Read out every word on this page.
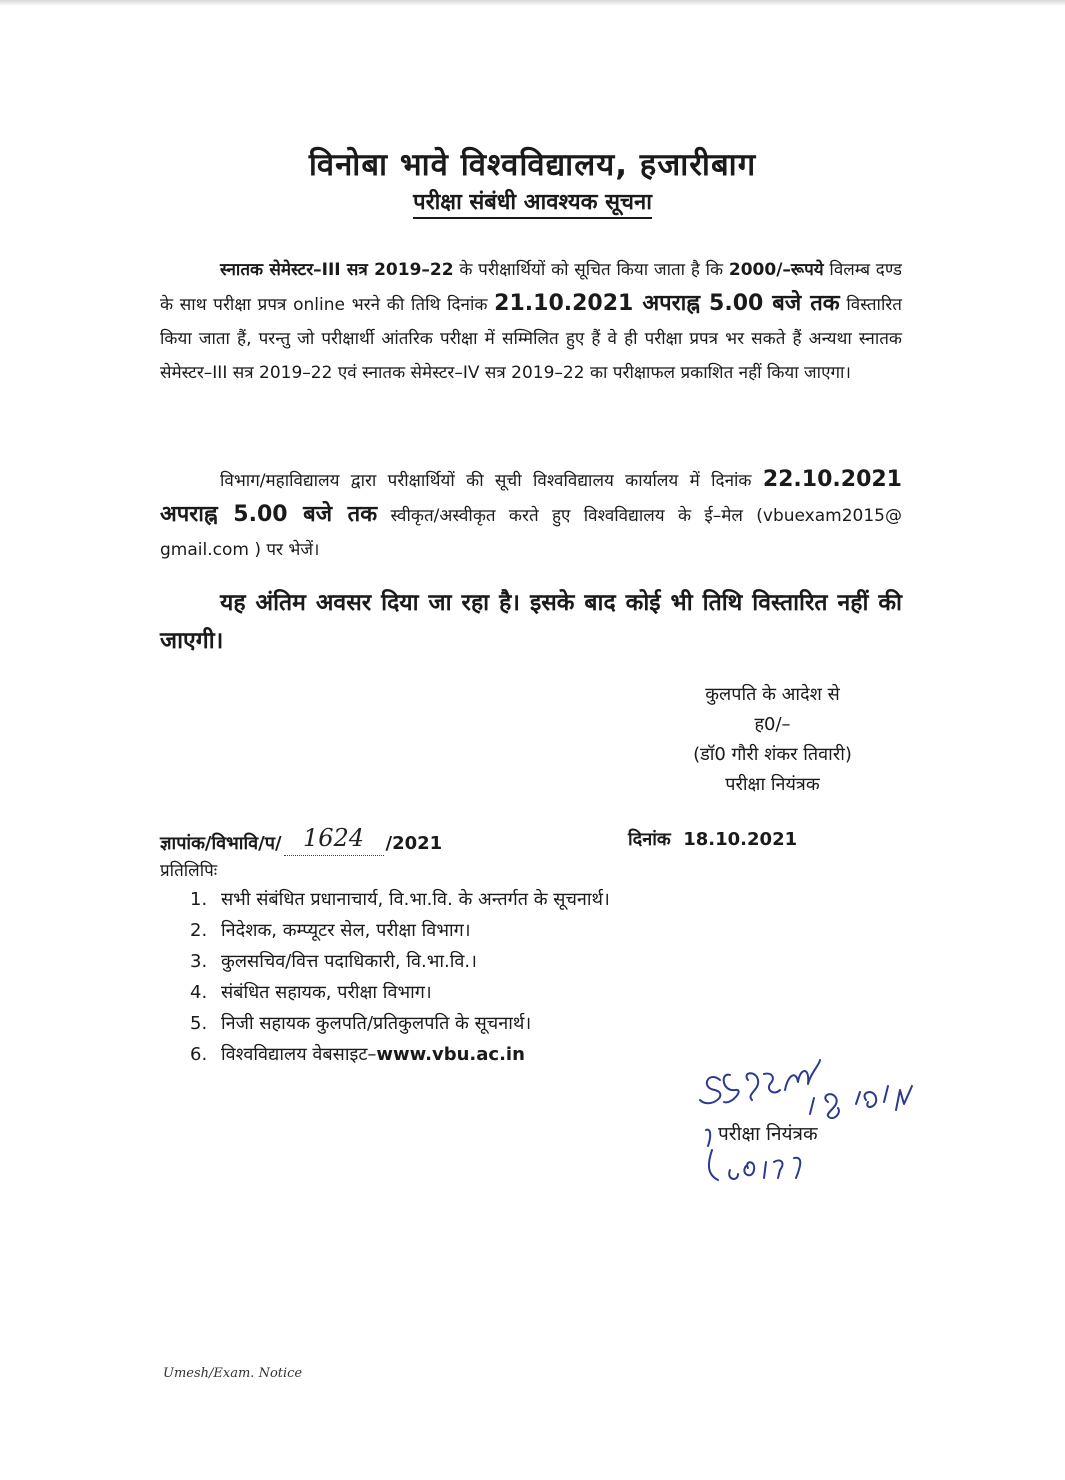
विनोबा भावे विश्वविद्यालय, हजारीबाग
परीक्षा संबंधी आवश्यक सूचना
स्नातक सेमेस्टर–III सत्र 2019–22 के परीक्षार्थियों को सूचित किया जाता है कि 2000/–रूपये विलम्ब दण्ड के साथ परीक्षा प्रपत्र online भरने की तिथि दिनांक 21.10.2021 अपराह्न 5.00 बजे तक विस्तारित किया जाता हैं, परन्तु जो परीक्षार्थी आंतरिक परीक्षा में सम्मिलित हुए हैं वे ही परीक्षा प्रपत्र भर सकते हैं अन्यथा स्नातक सेमेस्टर–III सत्र 2019–22 एवं स्नातक सेमेस्टर–IV सत्र 2019–22 का परीक्षाफल प्रकाशित नहीं किया जाएगा।
विभाग/महाविद्यालय द्वारा परीक्षार्थियों की सूची विश्वविद्यालय कार्यालय में दिनांक 22.10.2021 अपराह्न 5.00 बजे तक स्वीकृत/अस्वीकृत करते हुए विश्वविद्यालय के ई–मेल (vbuexam2015@ gmail.com ) पर भेजें।
यह अंतिम अवसर दिया जा रहा है। इसके बाद कोई भी तिथि विस्तारित नहीं की जाएगी।
कुलपति के आदेश से
ह0/–
(डॉ0 गौरी शंकर तिवारी)
परीक्षा नियंत्रक
ज्ञापांक/विभावि/प/ 1624 /2021	दिनांक 18.10.2021
प्रतिलिपिः
1. सभी संबंधित प्रधानाचार्य, वि.भा.वि. के अन्तर्गत के सूचनार्थ।
2. निदेशक, कम्प्यूटर सेल, परीक्षा विभाग।
3. कुलसचिव/वित्त पदाधिकारी, वि.भा.वि.।
4. संबंधित सहायक, परीक्षा विभाग।
5. निजी सहायक कुलपति/प्रतिकुलपति के सूचनार्थ।
6. विश्वविद्यालय वेबसाइट– www.vbu.ac.in
परीक्षा नियंत्रक
Umesh/Exam. Notice
